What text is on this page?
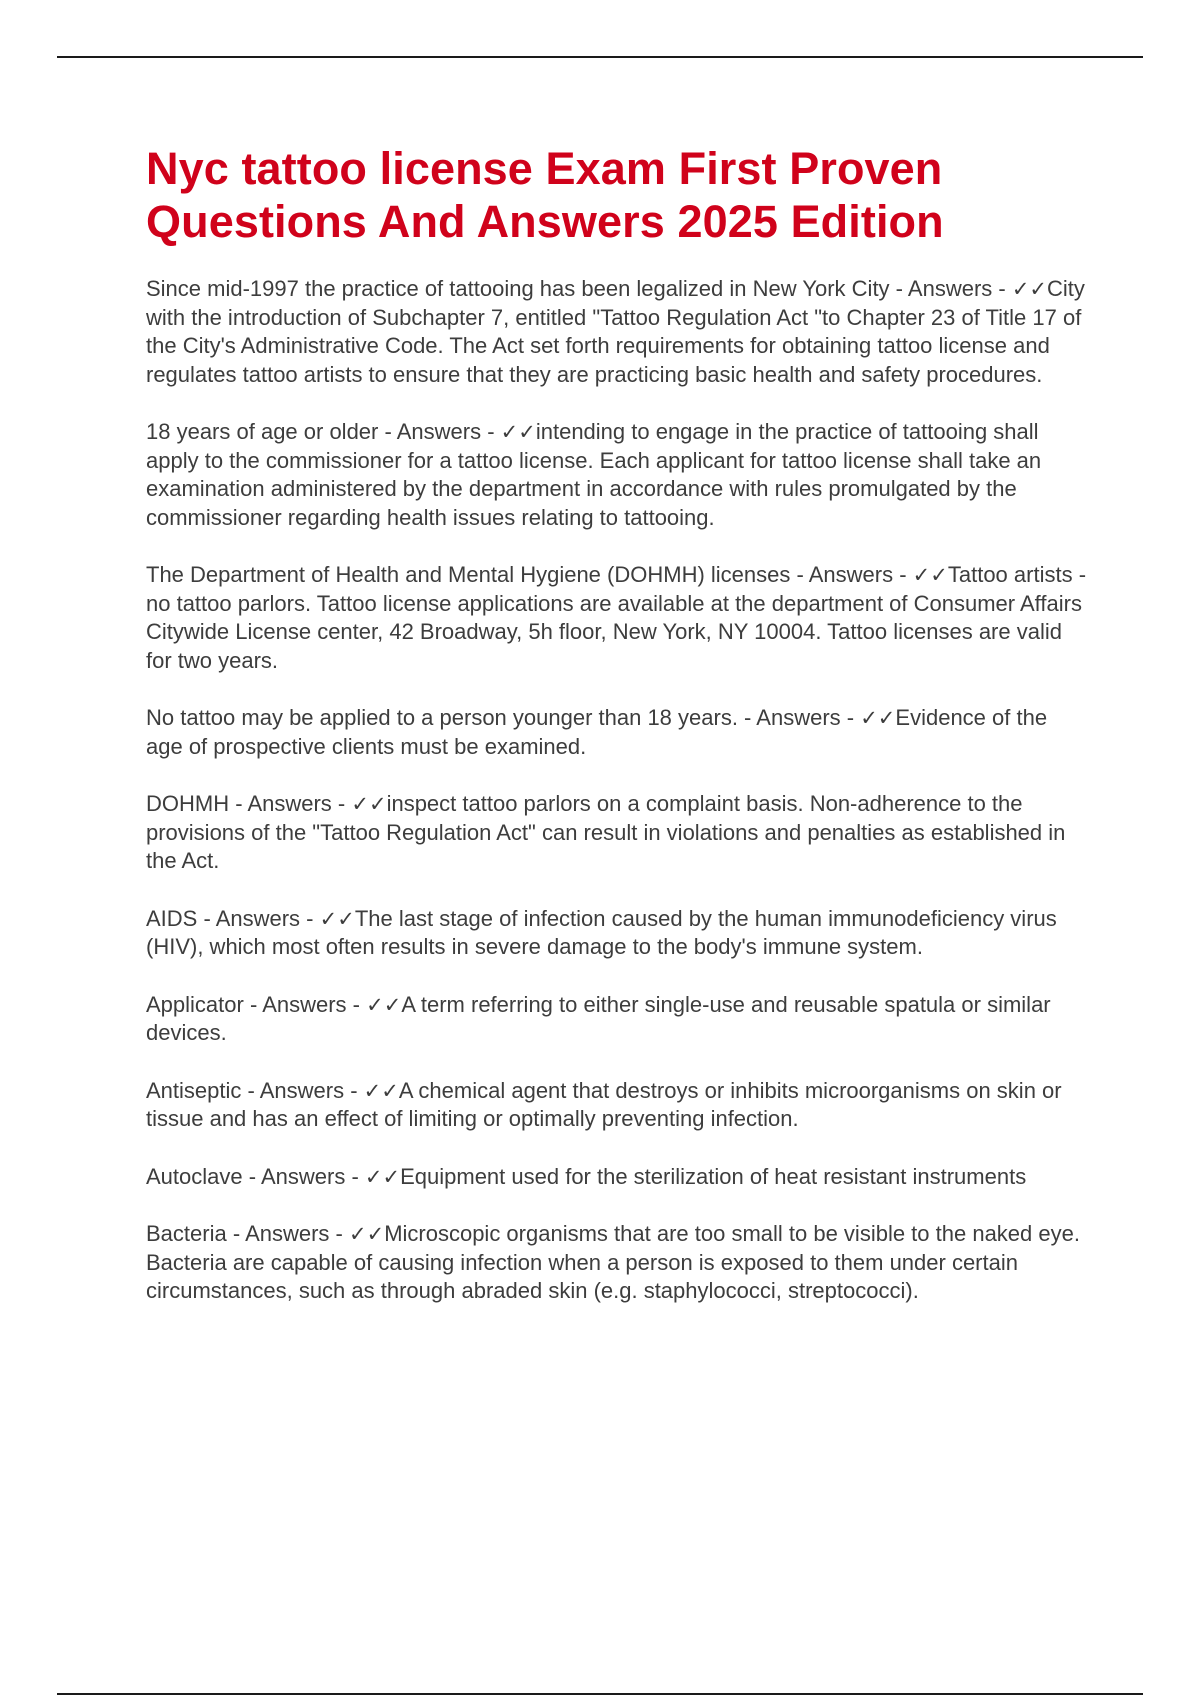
Nyc tattoo license Exam First Proven Questions And Answers 2025 Edition
Since mid-1997 the practice of tattooing has been legalized in New York City - Answers - ✓✓City with the introduction of Subchapter 7, entitled "Tattoo Regulation Act "to Chapter 23 of Title 17 of the City's Administrative Code. The Act set forth requirements for obtaining tattoo license and regulates tattoo artists to ensure that they are practicing basic health and safety procedures.
18 years of age or older - Answers - ✓✓intending to engage in the practice of tattooing shall apply to the commissioner for a tattoo license. Each applicant for tattoo license shall take an examination administered by the department in accordance with rules promulgated by the commissioner regarding health issues relating to tattooing.
The Department of Health and Mental Hygiene (DOHMH) licenses - Answers - ✓✓Tattoo artists -no tattoo parlors. Tattoo license applications are available at the department of Consumer Affairs Citywide License center, 42 Broadway, 5h floor, New York, NY 10004. Tattoo licenses are valid for two years.
No tattoo may be applied to a person younger than 18 years. - Answers - ✓✓Evidence of the age of prospective clients must be examined.
DOHMH - Answers - ✓✓inspect tattoo parlors on a complaint basis. Non-adherence to the provisions of the "Tattoo Regulation Act" can result in violations and penalties as established in the Act.
AIDS - Answers - ✓✓The last stage of infection caused by the human immunodeficiency virus (HIV), which most often results in severe damage to the body's immune system.
Applicator - Answers - ✓✓A term referring to either single-use and reusable spatula or similar devices.
Antiseptic - Answers - ✓✓A chemical agent that destroys or inhibits microorganisms on skin or tissue and has an effect of limiting or optimally preventing infection.
Autoclave - Answers - ✓✓Equipment used for the sterilization of heat resistant instruments
Bacteria - Answers - ✓✓Microscopic organisms that are too small to be visible to the naked eye. Bacteria are capable of causing infection when a person is exposed to them under certain circumstances, such as through abraded skin (e.g. staphylococci, streptococci).
